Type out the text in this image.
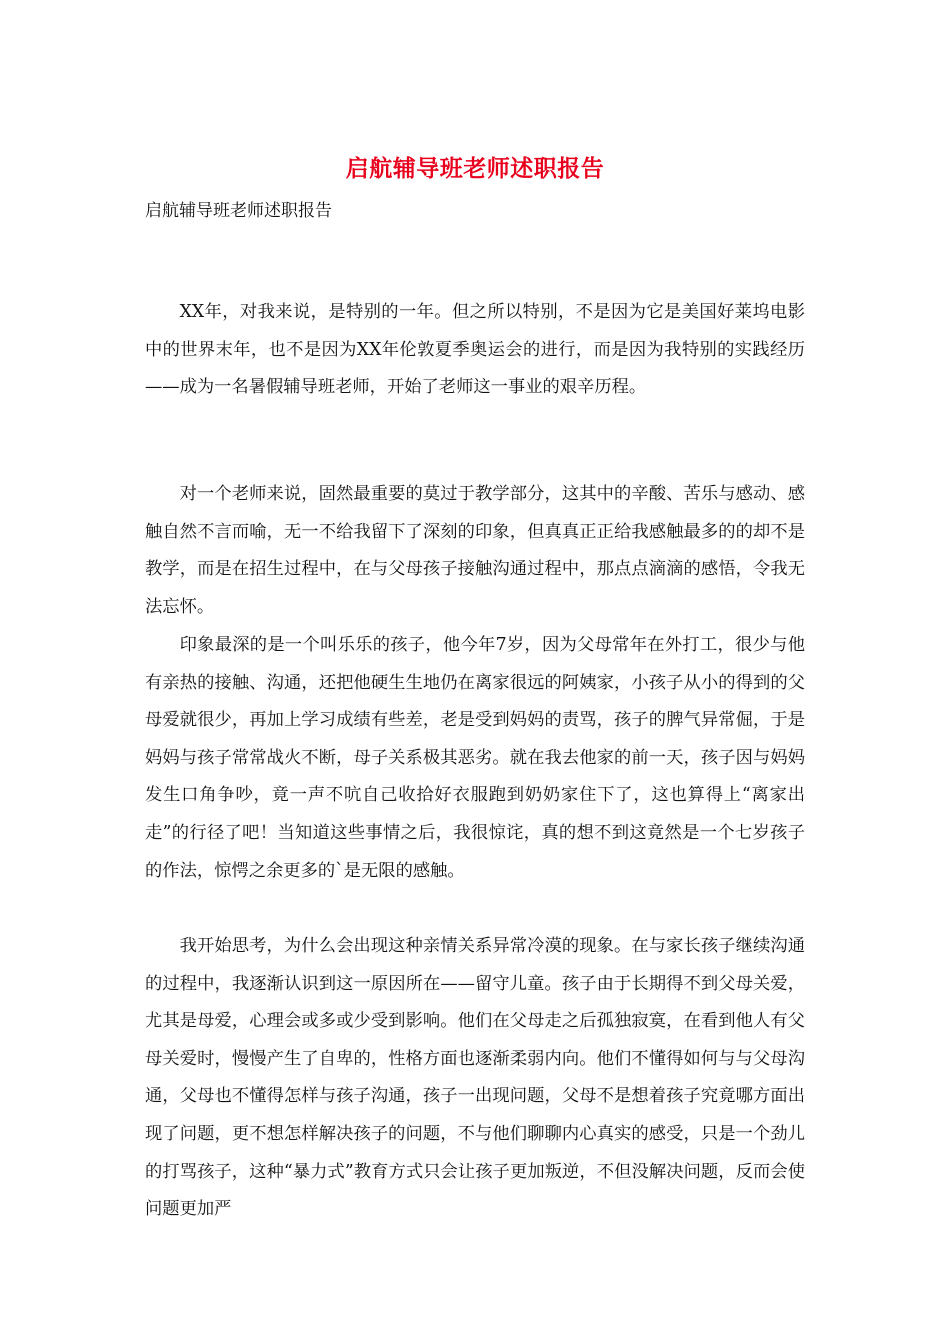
启航辅导班老师述职报告
启航辅导班老师述职报告

XX年，对我来说，是特别的一年。但之所以特别，不是因为它是美国好莱坞电影中的世界末年，也不是因为XX年伦敦夏季奥运会的进行，而是因为我特别的实践经历——成为一名暑假辅导班老师，开始了老师这一事业的艰辛历程。

对一个老师来说，固然最重要的莫过于教学部分，这其中的辛酸、苦乐与感动、感触自然不言而喻，无一不给我留下了深刻的印象，但真真正正给我感触最多的的却不是教学，而是在招生过程中，在与父母孩子接触沟通过程中，那点点滴滴的感悟，令我无法忘怀。

印象最深的是一个叫乐乐的孩子，他今年7岁，因为父母常年在外打工，很少与他有亲热的接触、沟通，还把他硬生生地仍在离家很远的阿姨家，小孩子从小的得到的父母爱就很少，再加上学习成绩有些差，老是受到妈妈的责骂，孩子的脾气异常倔，于是妈妈与孩子常常战火不断，母子关系极其恶劣。就在我去他家的前一天，孩子因与妈妈发生口角争吵，竟一声不吭自己收拾好衣服跑到奶奶家住下了，这也算得上“离家出走”的行径了吧！当知道这些事情之后，我很惊诧，真的想不到这竟然是一个七岁孩子的作法，惊愕之余更多的`是无限的感触。

我开始思考，为什么会出现这种亲情关系异常冷漠的现象。在与家长孩子继续沟通的过程中，我逐渐认识到这一原因所在——留守儿童。孩子由于长期得不到父母关爱，尤其是母爱，心理会或多或少受到影响。他们在父母走之后孤独寂寞，在看到他人有父母关爱时，慢慢产生了自卑的，性格方面也逐渐柔弱内向。他们不懂得如何与与父母沟通，父母也不懂得怎样与孩子沟通，孩子一出现问题，父母不是想着孩子究竟哪方面出现了问题，更不想怎样解决孩子的问题，不与他们聊聊内心真实的感受，只是一个劲儿的打骂孩子，这种“暴力式”教育方式只会让孩子更加叛逆，不但没解决问题，反而会使问题更加严
